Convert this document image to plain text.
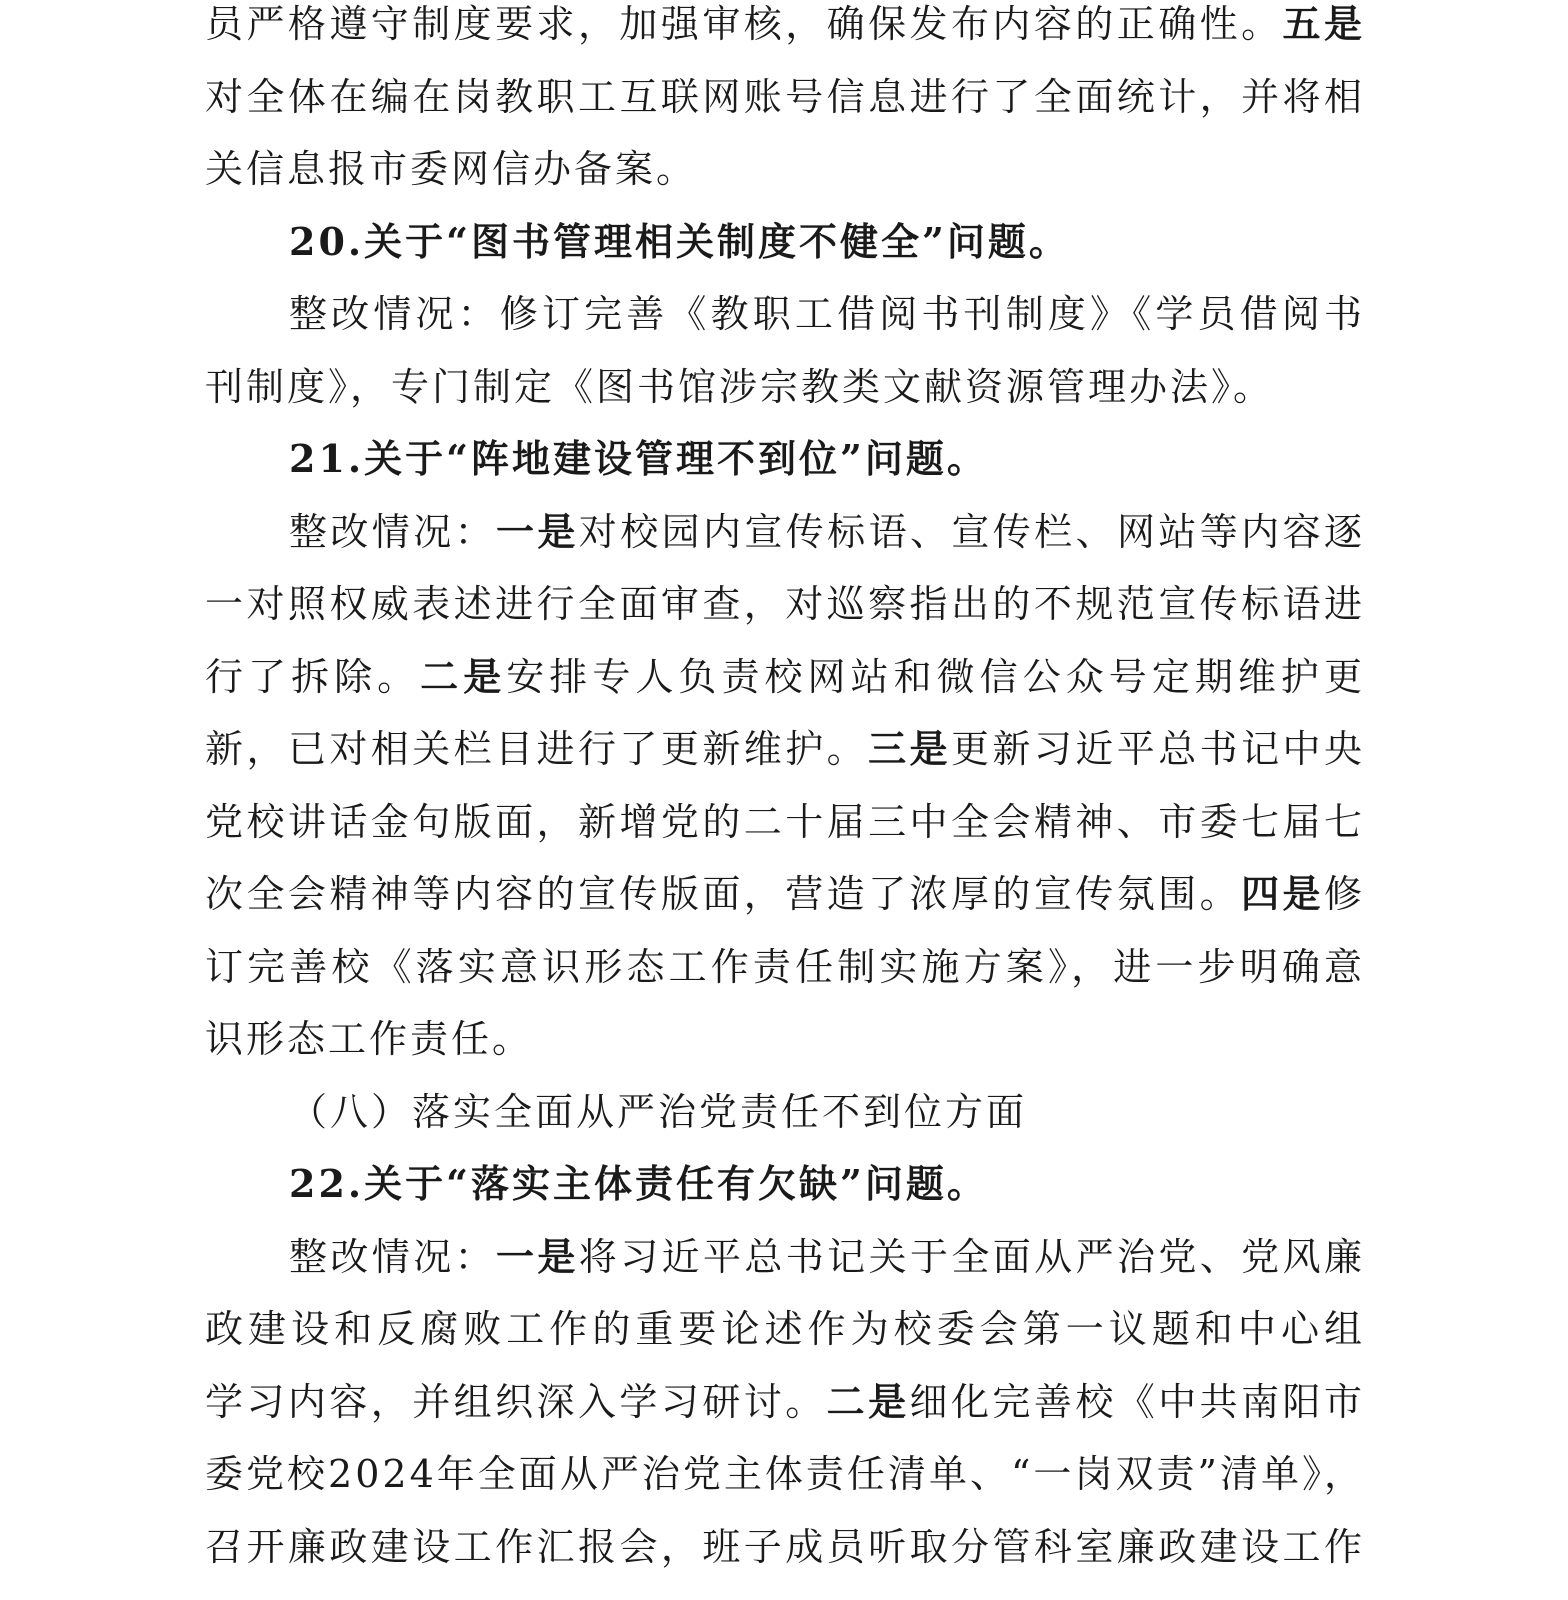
员严格遵守制度要求，加强审核，确保发布内容的正确性。五是
对全体在编在岗教职工互联网账号信息进行了全面统计，并将相
关信息报市委网信办备案。
20.关于“图书管理相关制度不健全”问题。
整改情况：修订完善《教职工借阅书刊制度》《学员借阅书
刊制度》，专门制定《图书馆涉宗教类文献资源管理办法》。
21.关于“阵地建设管理不到位”问题。
整改情况：一是对校园内宣传标语、宣传栏、网站等内容逐
一对照权威表述进行全面审查，对巡察指出的不规范宣传标语进
行了拆除。二是安排专人负责校网站和微信公众号定期维护更
新，已对相关栏目进行了更新维护。三是更新习近平总书记中央
党校讲话金句版面，新增党的二十届三中全会精神、市委七届七
次全会精神等内容的宣传版面，营造了浓厚的宣传氛围。四是修
订完善校《落实意识形态工作责任制实施方案》，进一步明确意
识形态工作责任。
（八）落实全面从严治党责任不到位方面
22.关于“落实主体责任有欠缺”问题。
整改情况：一是将习近平总书记关于全面从严治党、党风廉
政建设和反腐败工作的重要论述作为校委会第一议题和中心组
学习内容，并组织深入学习研讨。二是细化完善校《中共南阳市
委党校2024年全面从严治党主体责任清单、“一岗双责”清单》，
召开廉政建设工作汇报会，班子成员听取分管科室廉政建设工作
